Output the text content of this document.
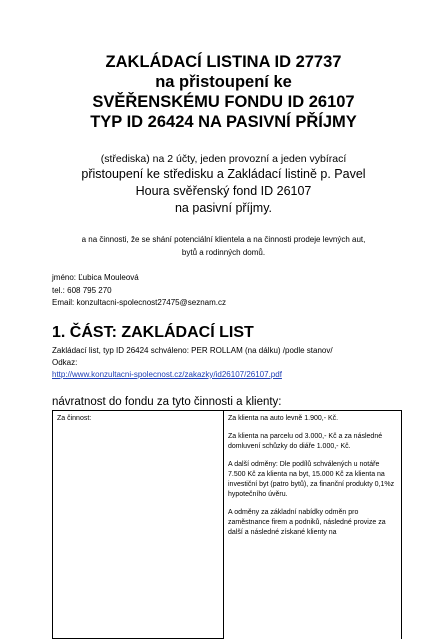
ZAKLÁDACÍ LISTINA ID 27737

na přistoupení ke

SVĚŘENSKÉMU FONDU ID 26107

TYP ID 26424 NA PASIVNÍ PŘÍJMY

(střediska) na 2 účty, jeden provozní a jeden vybírací
přistoupení ke středisku a Zakládací listině p. Pavel
Houra svěřenský fond ID 26107
na pasivní příjmy.
a na činnosti, že se shání potenciální klientela a na činnosti prodeje levných aut,
bytů a rodinných domů.
jméno: Ľubica Mouleová
tel.: 608 795 270
Email: konzultacni-spolecnost27475@seznam.cz
1. ČÁST: ZAKLÁDACÍ LIST
Zakládací list, typ ID 26424 schváleno: PER ROLLAM (na dálku) /podle stanov/
Odkaz:
http://www.konzultacni-spolecnost.cz/zakazky/id26107/26107.pdf
návratnost do fondu za tyto činnosti a klienty:
Za činnost:	Za klienta na auto levně 1.900,- Kč.

Za klienta na parcelu od 3.000,- Kč a za následné domluvení schůzky do diáře 1.000,- Kč.

A další odměny: Dle podílů schválených u notáře 7.500 Kč za klienta na byt, 15.000 Kč za klienta na investiční byt (patro bytů), za finanční produkty 0,1%z hypotečního úvěru.

A odměny za základní nabídky odměn pro zaměstnance firem a podniků, následné provize za další a následné získané klienty na
